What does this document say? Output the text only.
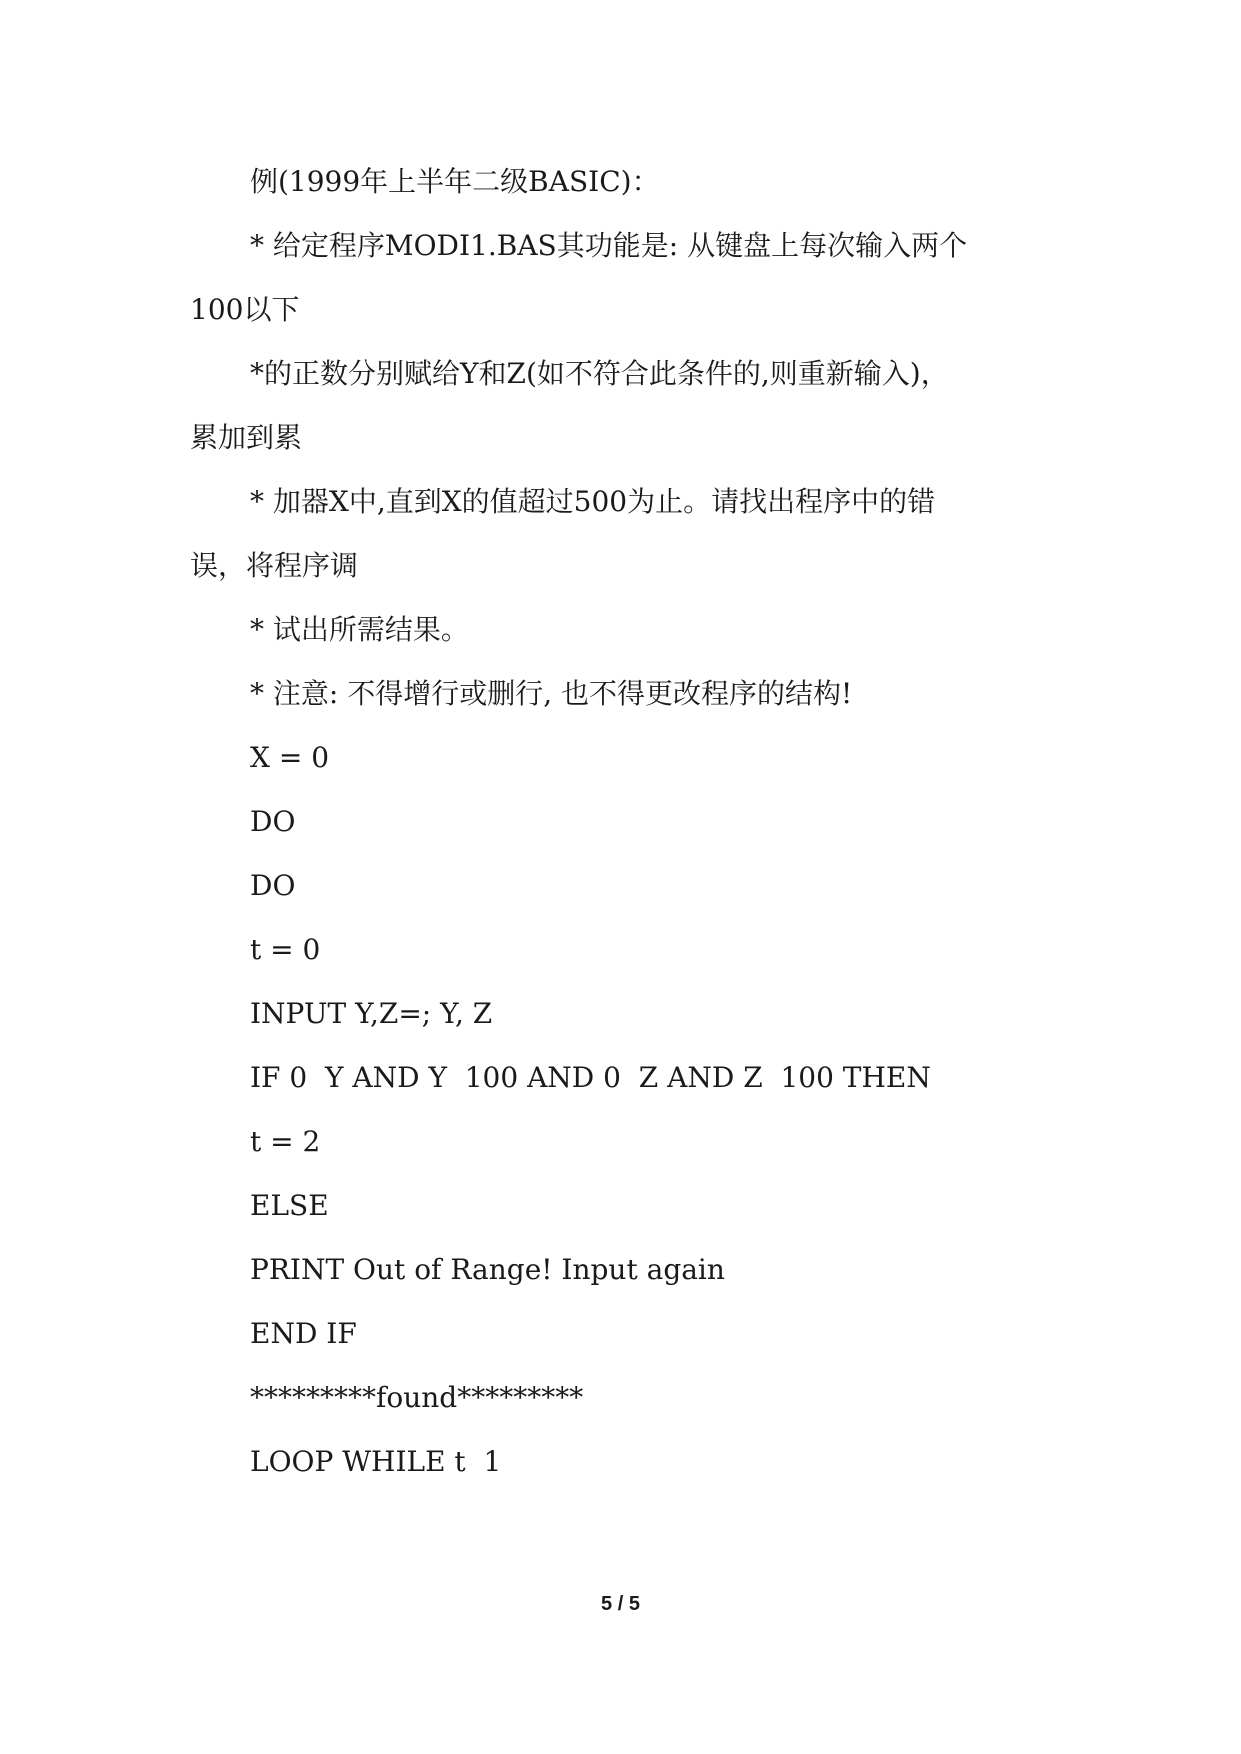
例(1999年上半年二级BASIC)：
* 给定程序MODI1.BAS其功能是: 从键盘上每次输入两个
100以下
*的正数分别赋给Y和Z(如不符合此条件的,则重新输入)，
累加到累
* 加器X中,直到X的值超过500为止。请找出程序中的错
误，将程序调
* 试出所需结果。
* 注意: 不得增行或删行, 也不得更改程序的结构!
X = 0
DO
DO
t = 0
INPUT Y,Z=; Y, Z
IF 0  Y AND Y  100 AND 0  Z AND Z  100 THEN
t = 2
ELSE
PRINT Out of Range! Input again
END IF
*********found*********
LOOP WHILE t  1
5 / 5
